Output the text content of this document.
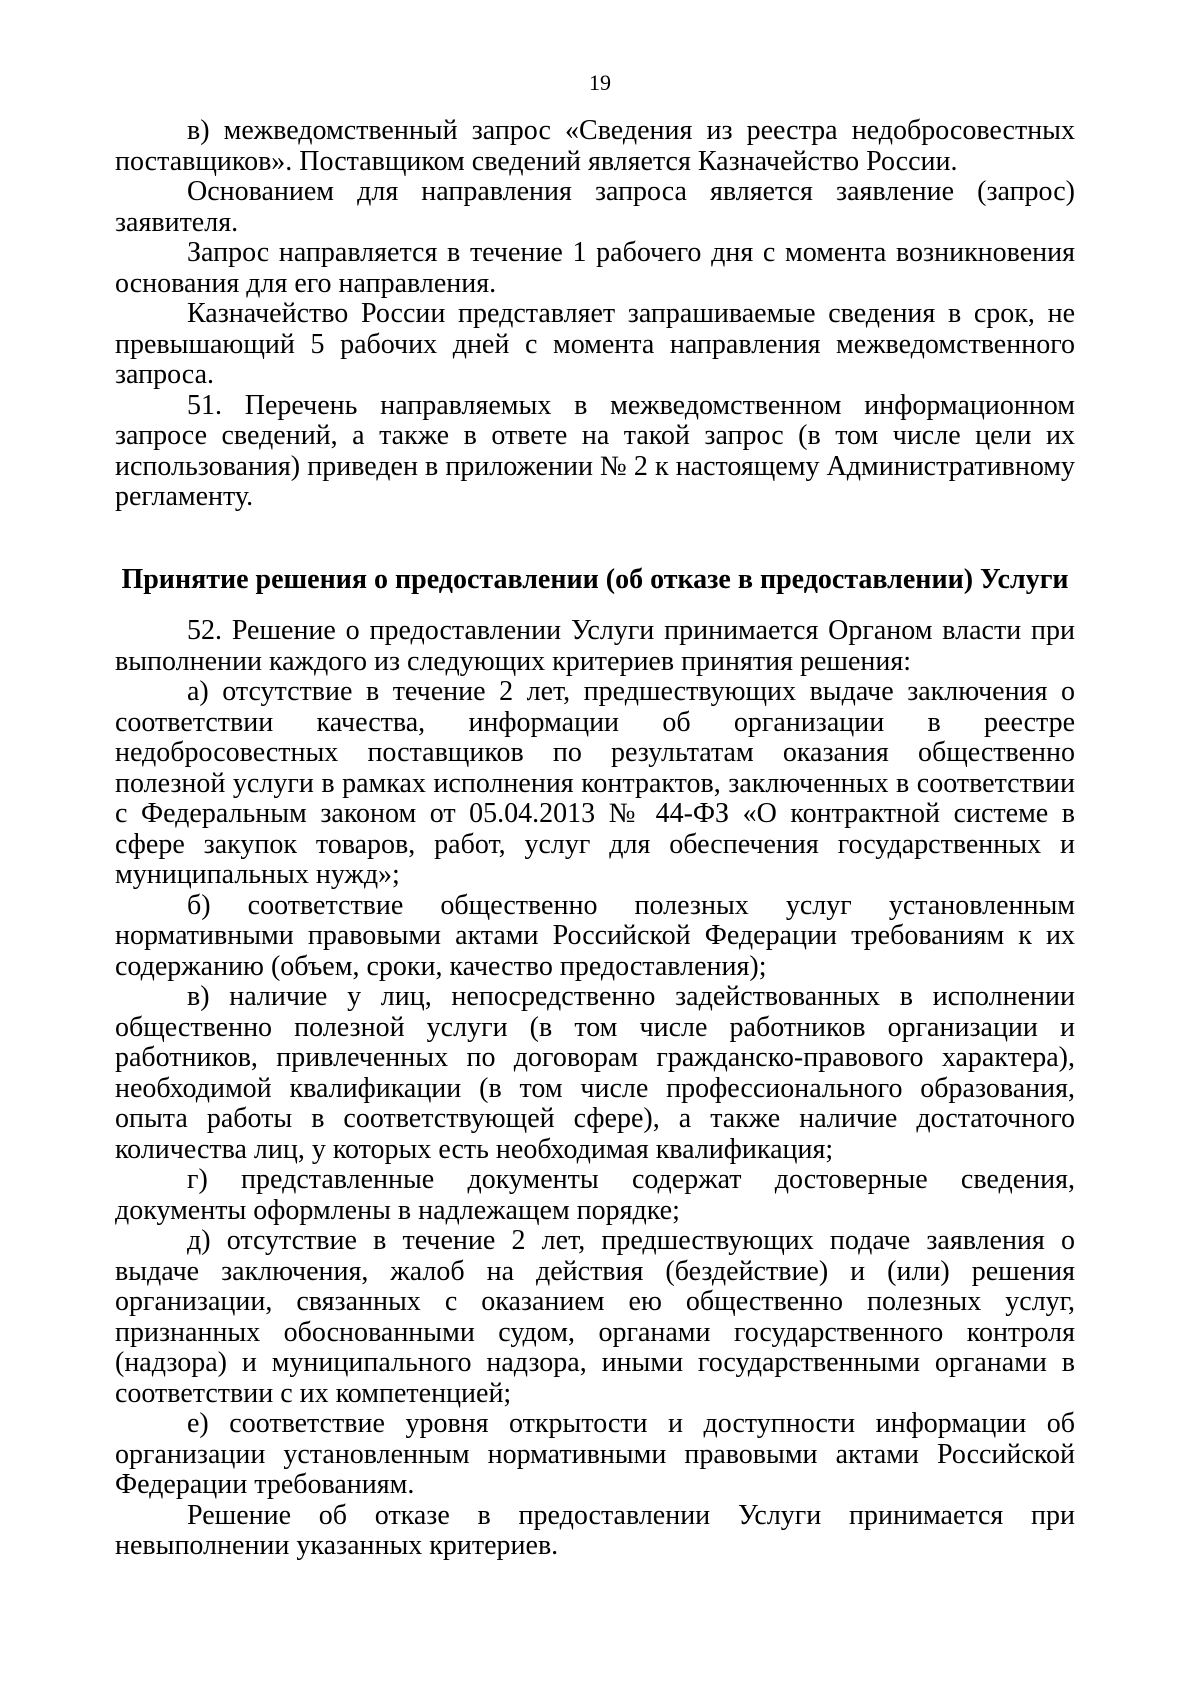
19

в) межведомственный запрос «Сведения из реестра недобросовестных поставщиков». Поставщиком сведений является Казначейство России.

Основанием для направления запроса является заявление (запрос) заявителя.

Запрос направляется в течение 1 рабочего дня с момента возникновения основания для его направления.

Казначейство России представляет запрашиваемые сведения в срок, не превышающий 5 рабочих дней с момента направления межведомственного запроса.

51. Перечень направляемых в межведомственном информационном запросе сведений, а также в ответе на такой запрос (в том числе цели их использования) приведен в приложении № 2 к настоящему Административному регламенту.

Принятие решения о предоставлении (об отказе в предоставлении) Услуги

52. Решение о предоставлении Услуги принимается Органом власти при выполнении каждого из следующих критериев принятия решения:

а) отсутствие в течение 2 лет, предшествующих выдаче заключения о соответствии качества, информации об организации в реестре недобросовестных поставщиков по результатам оказания общественно полезной услуги в рамках исполнения контрактов, заключенных в соответствии с Федеральным законом от 05.04.2013 № 44-ФЗ «О контрактной системе в сфере закупок товаров, работ, услуг для обеспечения государственных и муниципальных нужд»;

б) соответствие общественно полезных услуг установленным нормативными правовыми актами Российской Федерации требованиям к их содержанию (объем, сроки, качество предоставления);

в) наличие у лиц, непосредственно задействованных в исполнении общественно полезной услуги (в том числе работников организации и работников, привлеченных по договорам гражданско-правового характера), необходимой квалификации (в том числе профессионального образования, опыта работы в соответствующей сфере), а также наличие достаточного количества лиц, у которых есть необходимая квалификация;

г) представленные документы содержат достоверные сведения, документы оформлены в надлежащем порядке;

д) отсутствие в течение 2 лет, предшествующих подаче заявления о выдаче заключения, жалоб на действия (бездействие) и (или) решения организации, связанных с оказанием ею общественно полезных услуг, признанных обоснованными судом, органами государственного контроля (надзора) и муниципального надзора, иными государственными органами в соответствии с их компетенцией;

е) соответствие уровня открытости и доступности информации об организации установленным нормативными правовыми актами Российской Федерации требованиям.

Решение об отказе в предоставлении Услуги принимается при невыполнении указанных критериев.
